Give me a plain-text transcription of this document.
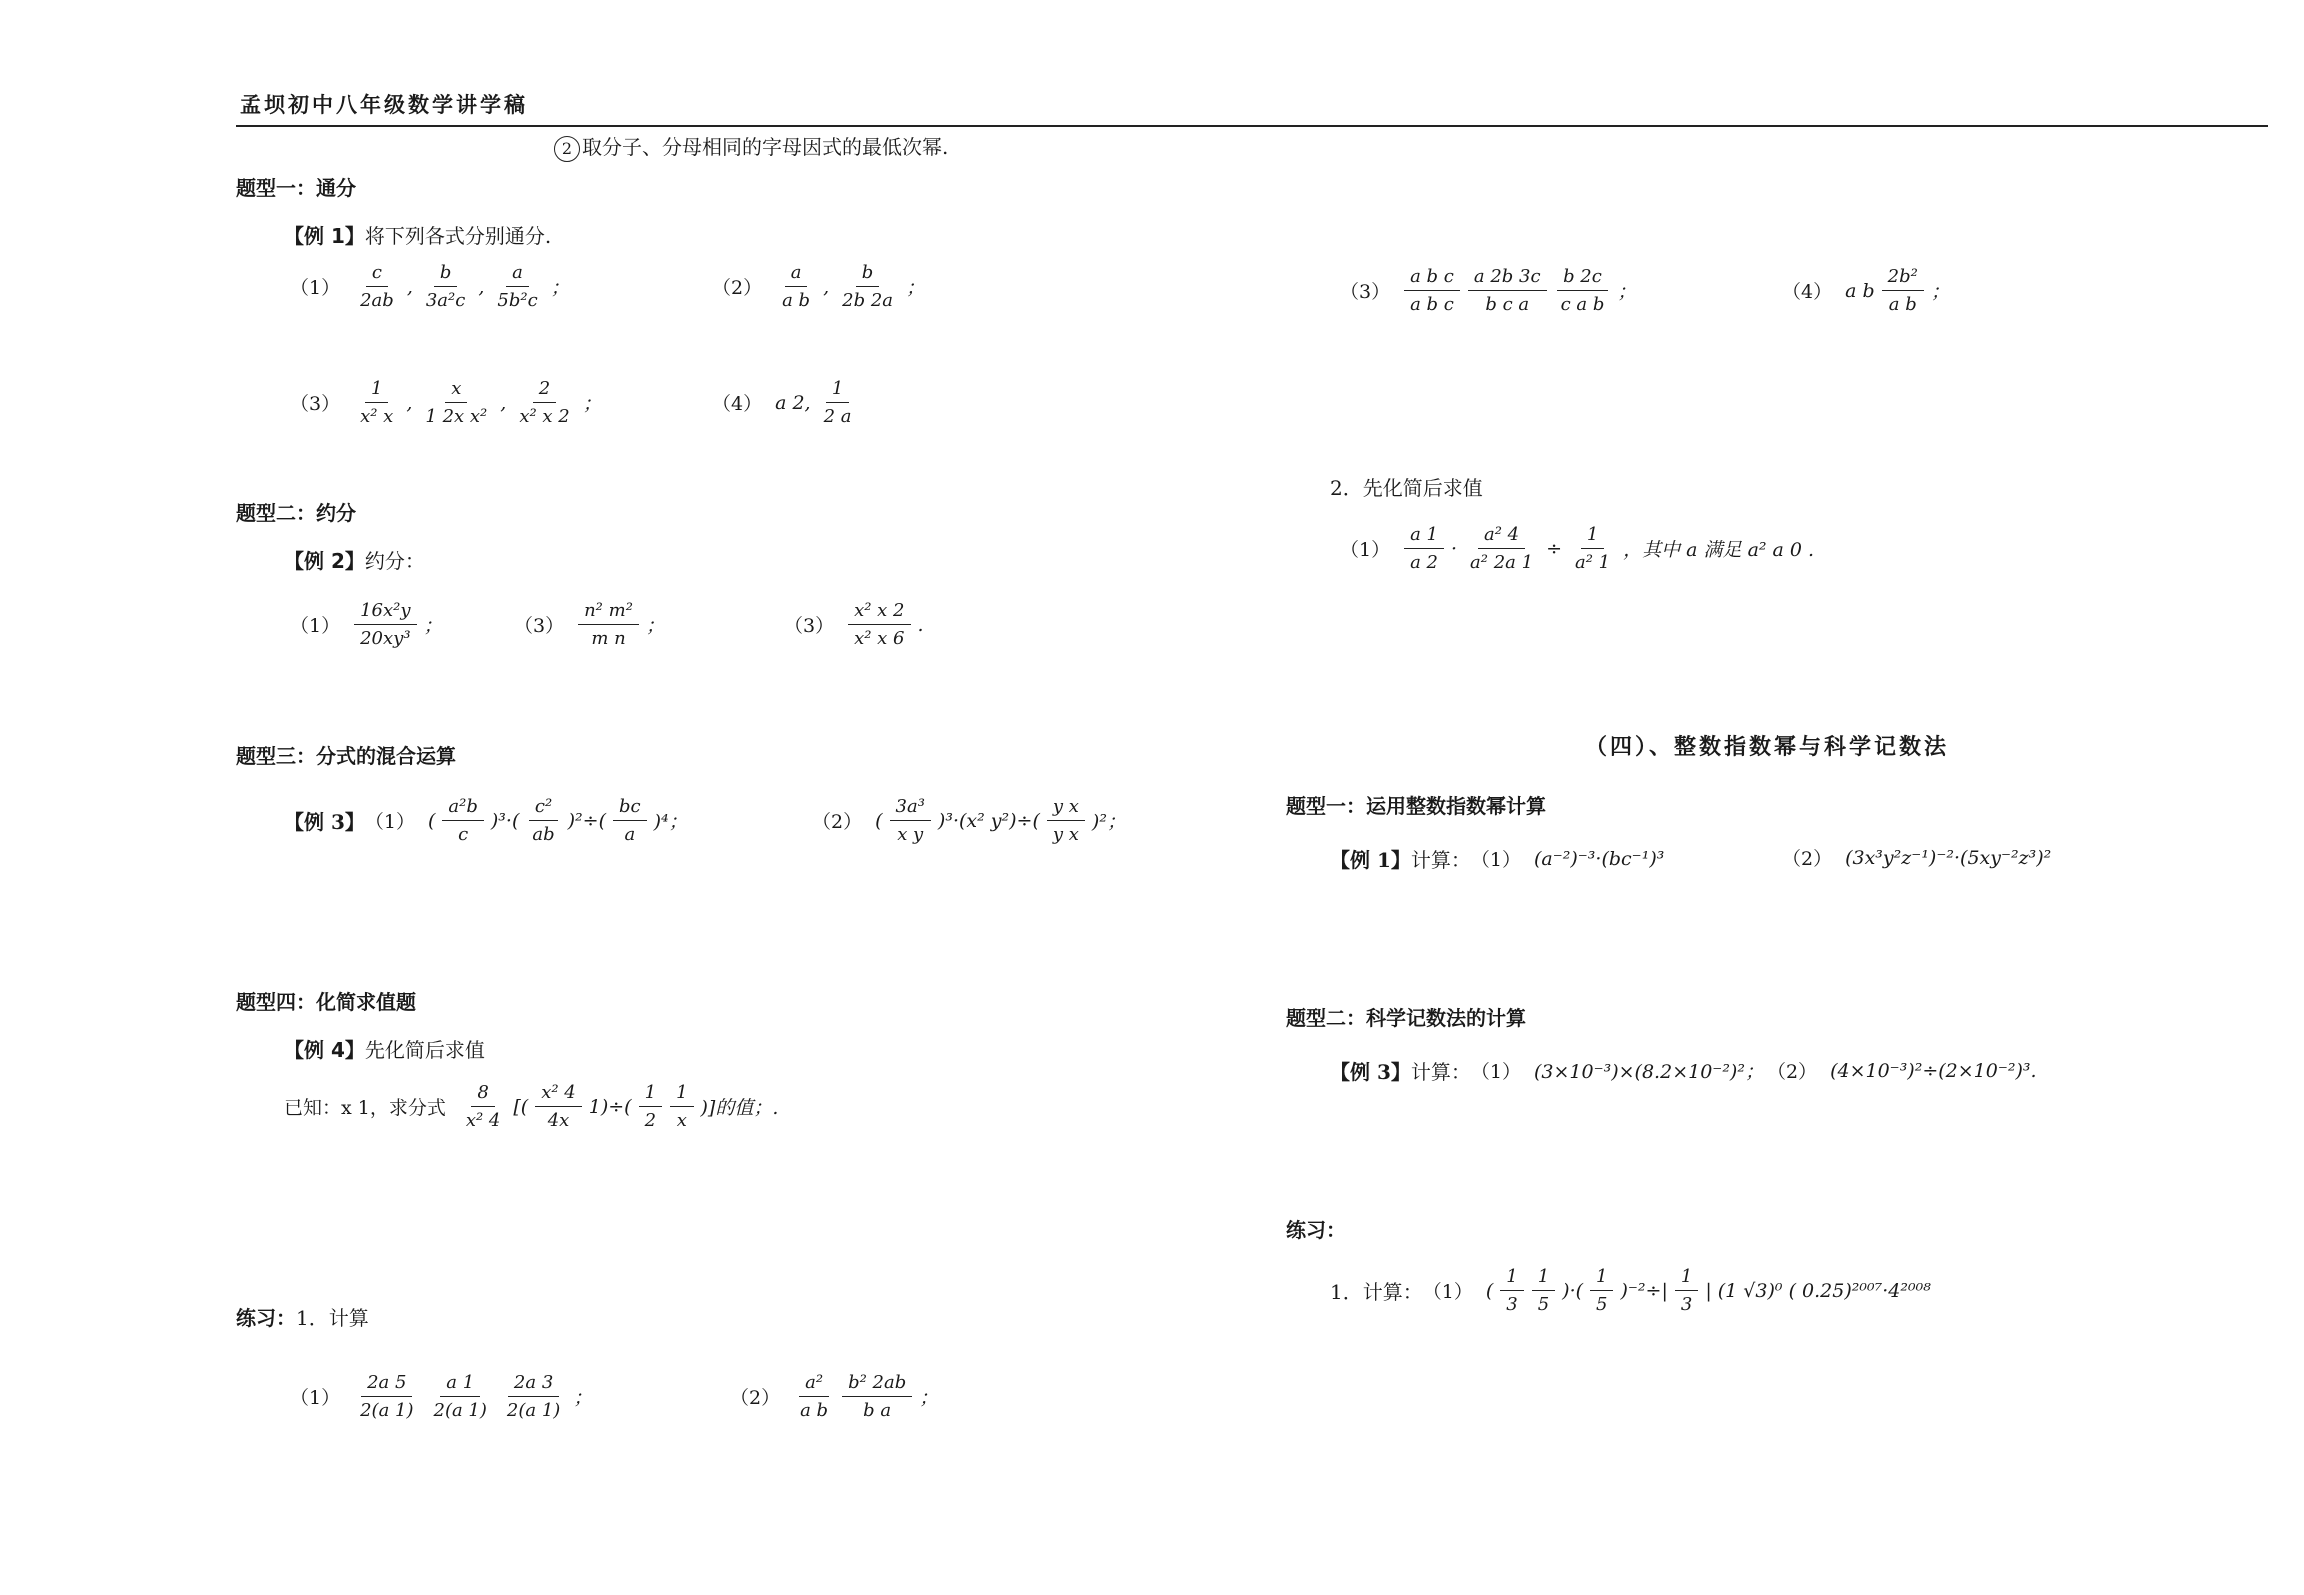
孟坝初中八年级数学讲学稿
2 取分子、分母相同的字母因式的最低次幂.
题型一：通分
【例 1】将下列各式分别通分.
$(1) \frac{c}{2ab}$ , $\frac{b}{\text{3a²c}}$ , $\frac{a}{\text{5b²c}}$ ；	$(2) \frac{a}{\text{a b}}$ , $\frac{b}{2b 2a}$ ；
$(3) \frac{1}{\text{x² x}}$ , $\frac{x}{\text{1 2x x²}}$ , $\frac{2}{\text{x² x 2}}$ ；	（4） a 2, $\frac{1}{2 a}$
题型二：约分
【例 2】约分：
$(1) \frac{\text{16x²y}}{\text{20xy³}}$ ；	$(3) \frac{\text{n² m²}}{\text{m n}}$ ；	$(3) \frac{\text{x² x 2}}{\text{x² x 6}}$ .
题型三：分式的混合运算
【例 3】 （1） ( $\frac{\text{a²b}}{c} )^3\cdot( \frac{\text{c²}}{ab} )^2\div( \frac{bc}{a} )^4$；	（2） ( $\frac{\text{3a³}}{\text{x y}} )^3\cdot(x^2$ $y^2)\div( \frac{\text{y x}}{\text{y x}} )^2$；
题型四：化简求值题
【例 4】先化简后求值
已知：x 1，求分式 $\frac{8}{\text{x² 4}}$ [( $\frac{\text{x² 4}}{4x} 1)\div( \frac{1}{2} \frac{1}{x}$ )]的值；.
练习：1．计算
$(1) \frac{2a 5}{2(a 1)} \frac{a 1}{2(a 1)} \frac{2a 3}{2(a 1)}$ ；	$(2) \frac{\text{a²}}{\text{a b}} \frac{\text{b² 2ab}}{\text{b a}}$ ；
$(3) \frac{\text{a b c}}{\text{a b c}} \frac{a 2b 3c}{\text{b c a}} \frac{b 2c}{\text{c a b}}$ ；	（4） a b $\frac{\text{2b²}}{\text{a b}}$ ；
2．先化简后求值
$(1) \frac{a 1}{a 2} \cdot \frac{\text{a² 4}}{\text{a² 2a 1}} \div \frac{1}{\text{a² 1}}$ ，其中 a 满足 a² a 0 .
（四）、整数指数幂与科学记数法
题型一：运用整数指数幂计算
【例 1】 计算： （1） (a⁻²)⁻³·(bc⁻¹)³	（2） (3x³y²z⁻¹)⁻²·(5xy⁻²z³)²
题型二：科学记数法的计算
【例 3】 计算： （1） (3×10⁻³)×(8.2×10⁻²)²； （2） (4×10⁻³)²÷(2×10⁻²)³.
练习：
1．计算： （1） ( $\frac{1}{3} \frac{1}{5}$ )·( $\frac{1}{5} )^{-2}\div| \frac{1}{3}$ | (1 √3)⁰ ( 0.25)²⁰⁰⁷·4²⁰⁰⁸
